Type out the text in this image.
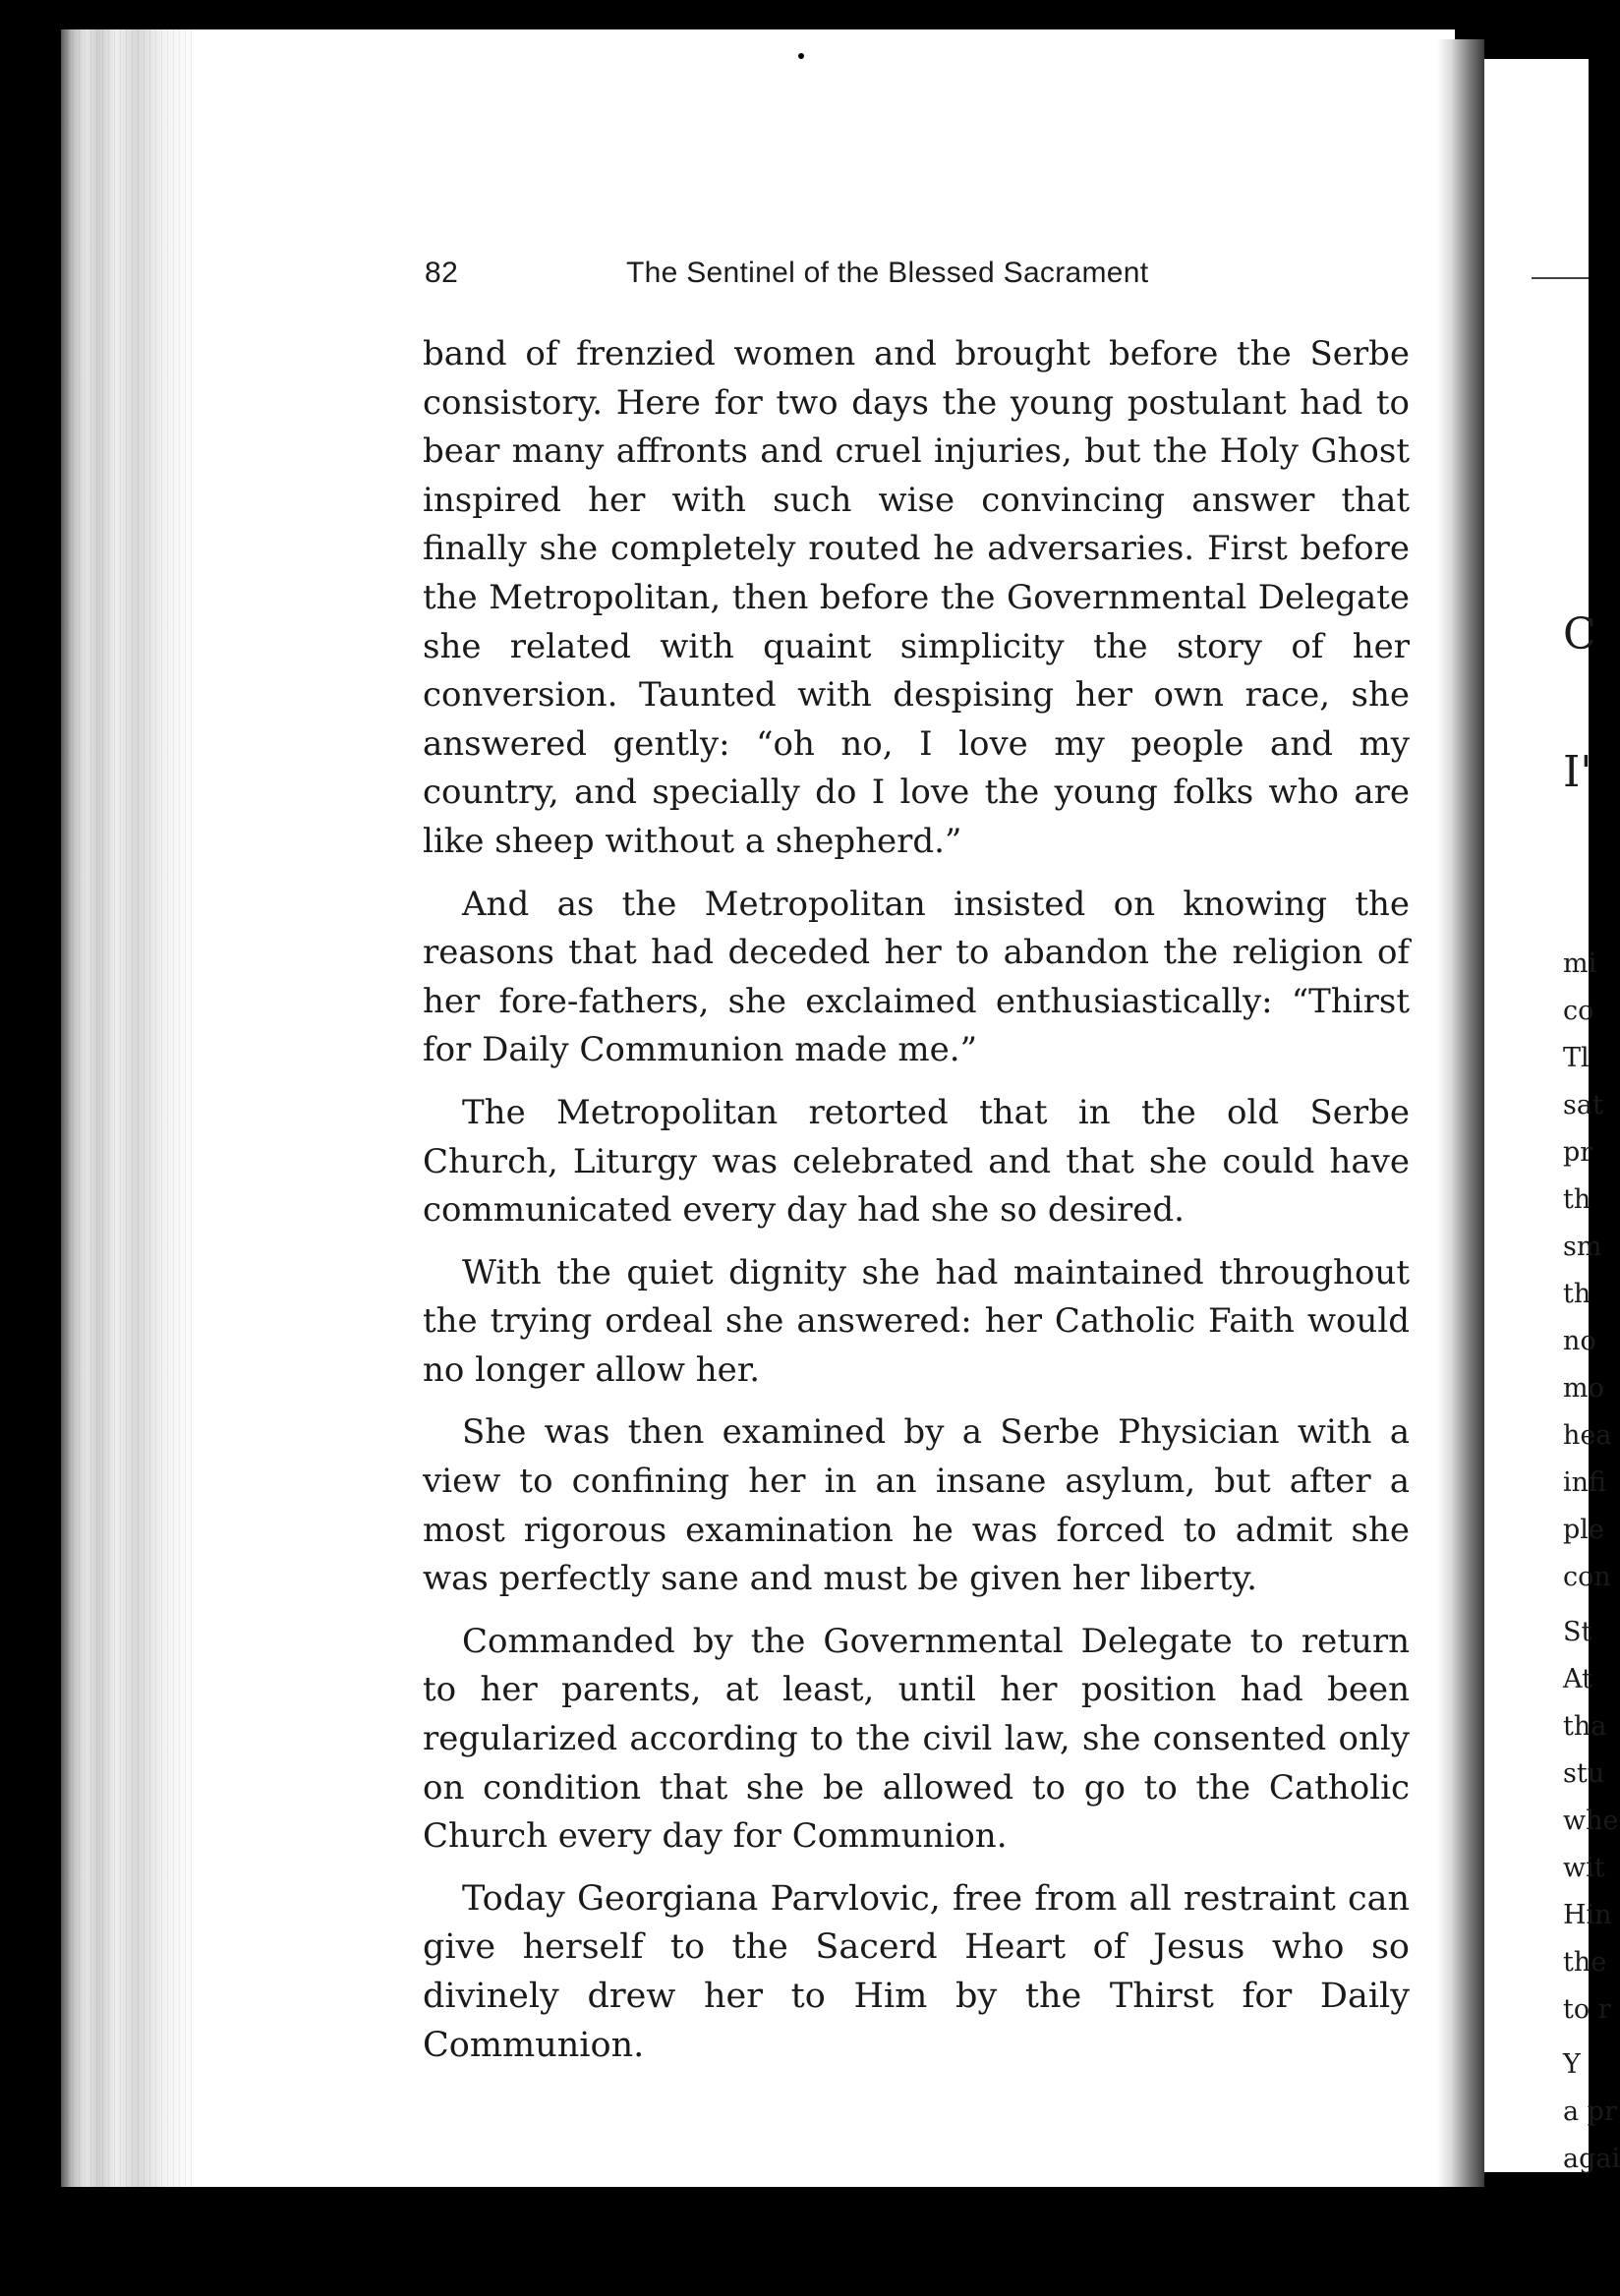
82	The Sentinel of the Blessed Sacrament

band of frenzied women and brought before the Serbe consistory. Here for two days the young postulant had to bear many affronts and cruel injuries, but the Holy Ghost inspired her with such wise convincing answer that finally she completely routed he adversaries. First before the Metropolitan, then before the Governmental Delegate she related with quaint simplicity the story of her conversion. Taunted with despising her own race, she answered gently: “oh no, I love my people and my country, and specially do I love the young folks who are like sheep without a shepherd.”

And as the Metropolitan insisted on knowing the reasons that had deceded her to abandon the religion of her fore-fathers, she exclaimed enthusiastically: “Thirst for Daily Communion made me.”

The Metropolitan retorted that in the old Serbe Church, Liturgy was celebrated and that she could have communicated every day had she so desired.

With the quiet dignity she had maintained throughout the trying ordeal she answered: her Catholic Faith would no longer allow her.

She was then examined by a Serbe Physician with a view to confining her in an insane asylum, but after a most rigorous examination he was forced to admit she was perfectly sane and must be given her liberty.

Commanded by the Governmental Delegate to return to her parents, at least, until her position had been regularized according to the civil law, she consented only on condition that she be allowed to go to the Catholic Church every day for Communion.

Today Georgiana Parvlovic, free from all restraint can give herself to the Sacerd Heart of Jesus who so divinely drew her to Him by the Thirst for Daily Communion.

C
I'
mi
co
Tl
sat
pr
th
sm
th
no
mo
hea
infi
ple
con
St
At
tha
stu
whe
wit
Hin
the
to r
Y
a pr
agai
